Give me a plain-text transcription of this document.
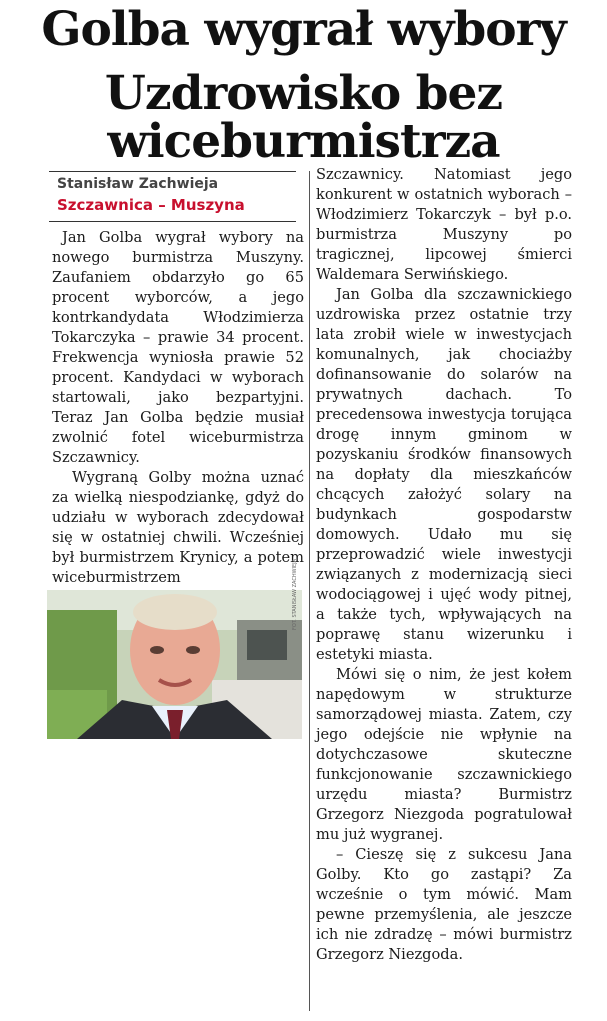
Golba wygrał wybory
Uzdrowisko bez
wiceburmistrza
Stanisław Zachwieja
Szczawnica – Muszyna

Jan Golba wygrał wybory na nowego burmistrza Muszyny. Zaufaniem obdarzyło go 65 procent wyborców, a jego kontrkandydata Włodzimierza Tokarczyka – prawie 34 procent. Frekwencja wyniosła prawie 52 procent. Kandydaci w wyborach startowali, jako bezpartyjni. Teraz Jan Golba będzie musiał zwolnić fotel wiceburmistrza Szczawnicy.

Wygraną Golby można uznać za wielką niespodziankę, gdyż do udziału w wyborach zdecydował się w ostatniej chwili. Wcześniej był burmistrzem Krynicy, a potem wiceburmistrzem	FOT. STANISŁAW ZACHWIEJA

Szczawnicy. Natomiast jego konkurent w ostatnich wyborach – Włodzimierz Tokarczyk – był p.o. burmistrza Muszyny po tragicznej, lipcowej śmierci Waldemara Serwińskiego.

Jan Golba dla szczawnickiego uzdrowiska przez ostatnie trzy lata zrobił wiele w inwestycjach komunalnych, jak chociażby dofinansowanie do solarów na prywatnych dachach. To precedensowa inwestycja torująca drogę innym gminom w pozyskaniu środków finansowych na dopłaty dla mieszkańców chcących założyć solary na budynkach gospodarstw domowych. Udało mu się przeprowadzić wiele inwestycji związanych z modernizacją sieci wodociągowej i ujęć wody pitnej, a także tych, wpływających na poprawę stanu wizerunku i estetyki miasta.

Mówi się o nim, że jest kołem napędowym w strukturze samorządowej miasta. Zatem, czy jego odejście nie wpłynie na dotychczasowe skuteczne funkcjonowanie szczawnickiego urzędu miasta? Burmistrz Grzegorz Niezgoda pogratulował mu już wygranej.

– Cieszę się z sukcesu Jana Golby. Kto go zastąpi? Za wcześnie o tym mówić. Mam pewne przemyślenia, ale jeszcze ich nie zdradzę – mówi burmistrz Grzegorz Niezgoda.
